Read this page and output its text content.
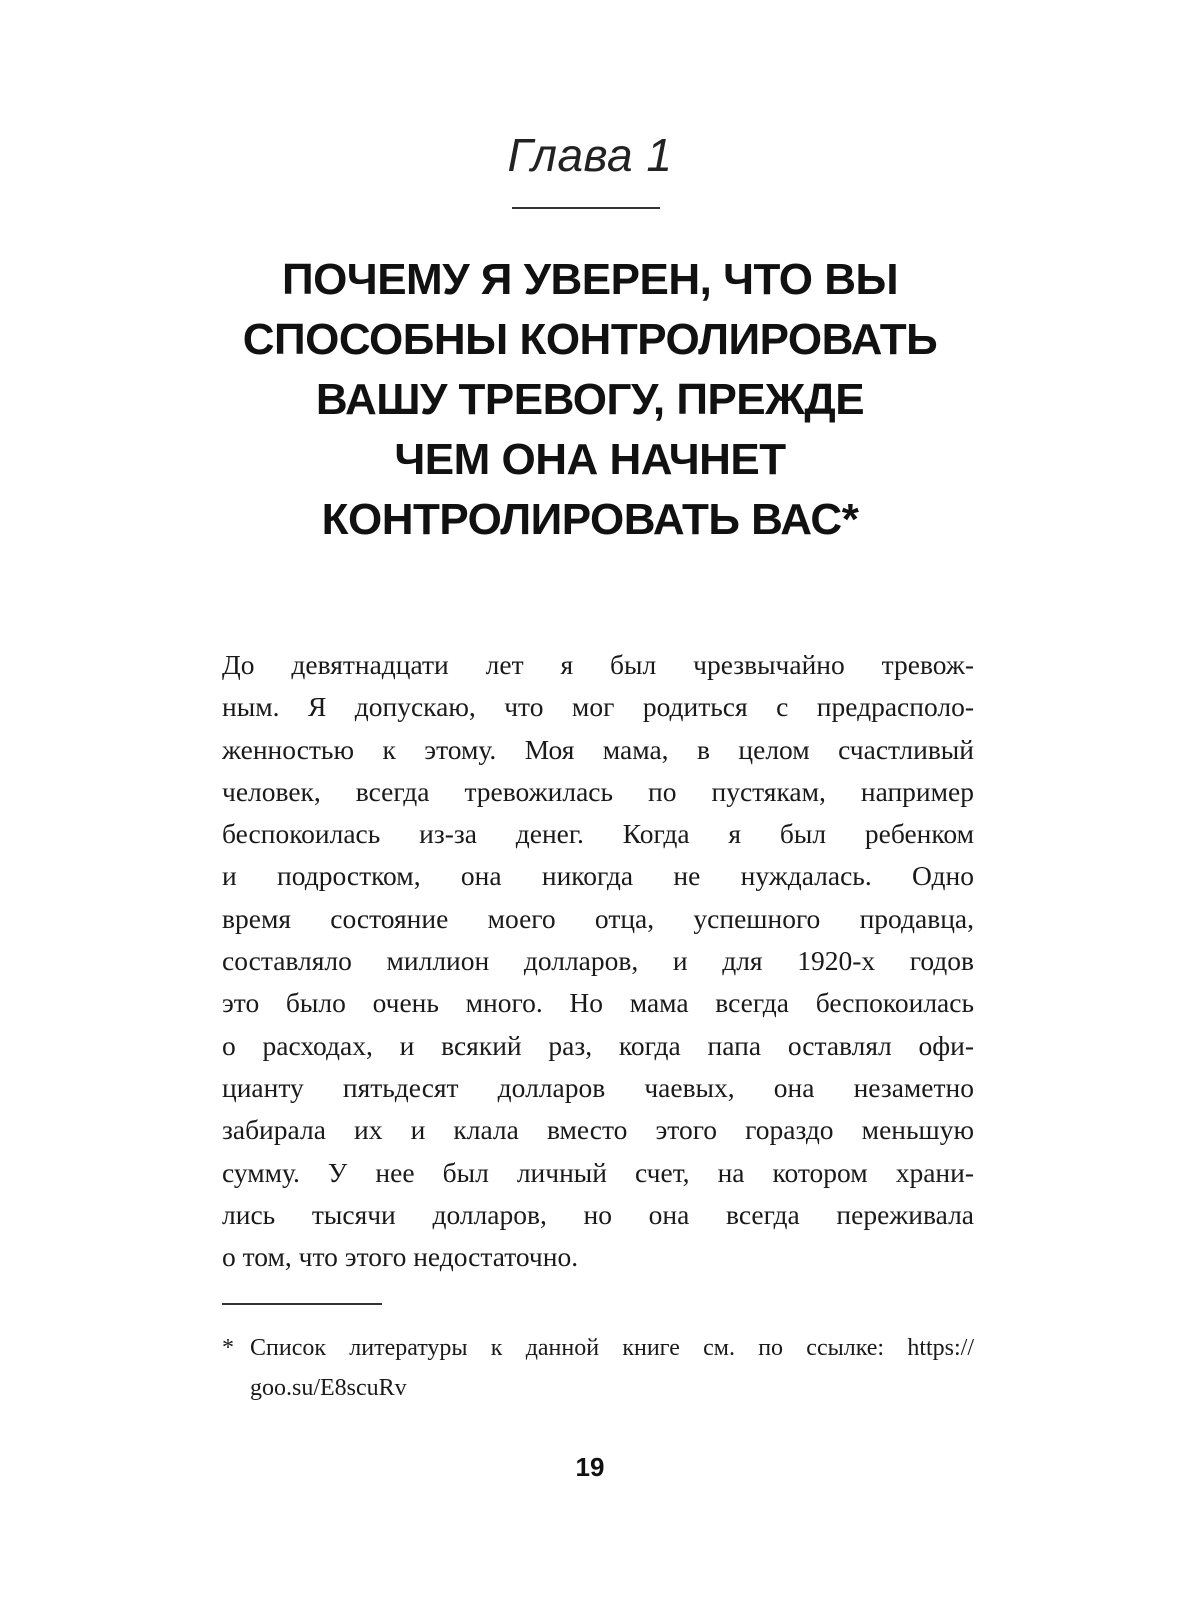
Глава 1
ПОЧЕМУ Я УВЕРЕН, ЧТО ВЫ
СПОСОБНЫ КОНТРОЛИРОВАТЬ
ВАШУ ТРЕВОГУ, ПРЕЖДЕ
ЧЕМ ОНА НАЧНЕТ
КОНТРОЛИРОВАТЬ ВАС*
До девятнадцати лет я был чрезвычайно тревож-
ным. Я допускаю, что мог родиться с предрасполо-
женностью к этому. Моя мама, в целом счастливый
человек, всегда тревожилась по пустякам, например
беспокоилась из-за денег. Когда я был ребенком
и подростком, она никогда не нуждалась. Одно
время состояние моего отца, успешного продавца,
составляло миллион долларов, и для 1920-х годов
это было очень много. Но мама всегда беспокоилась
о расходах, и всякий раз, когда папа оставлял офи-
цианту пятьдесят долларов чаевых, она незаметно
забирала их и клала вместо этого гораздо меньшую
сумму. У нее был личный счет, на котором храни-
лись тысячи долларов, но она всегда переживала
о том, что этого недостаточно.
* Список литературы к данной книге см. по ссылке: https://
goo.su/E8scuRv
19
